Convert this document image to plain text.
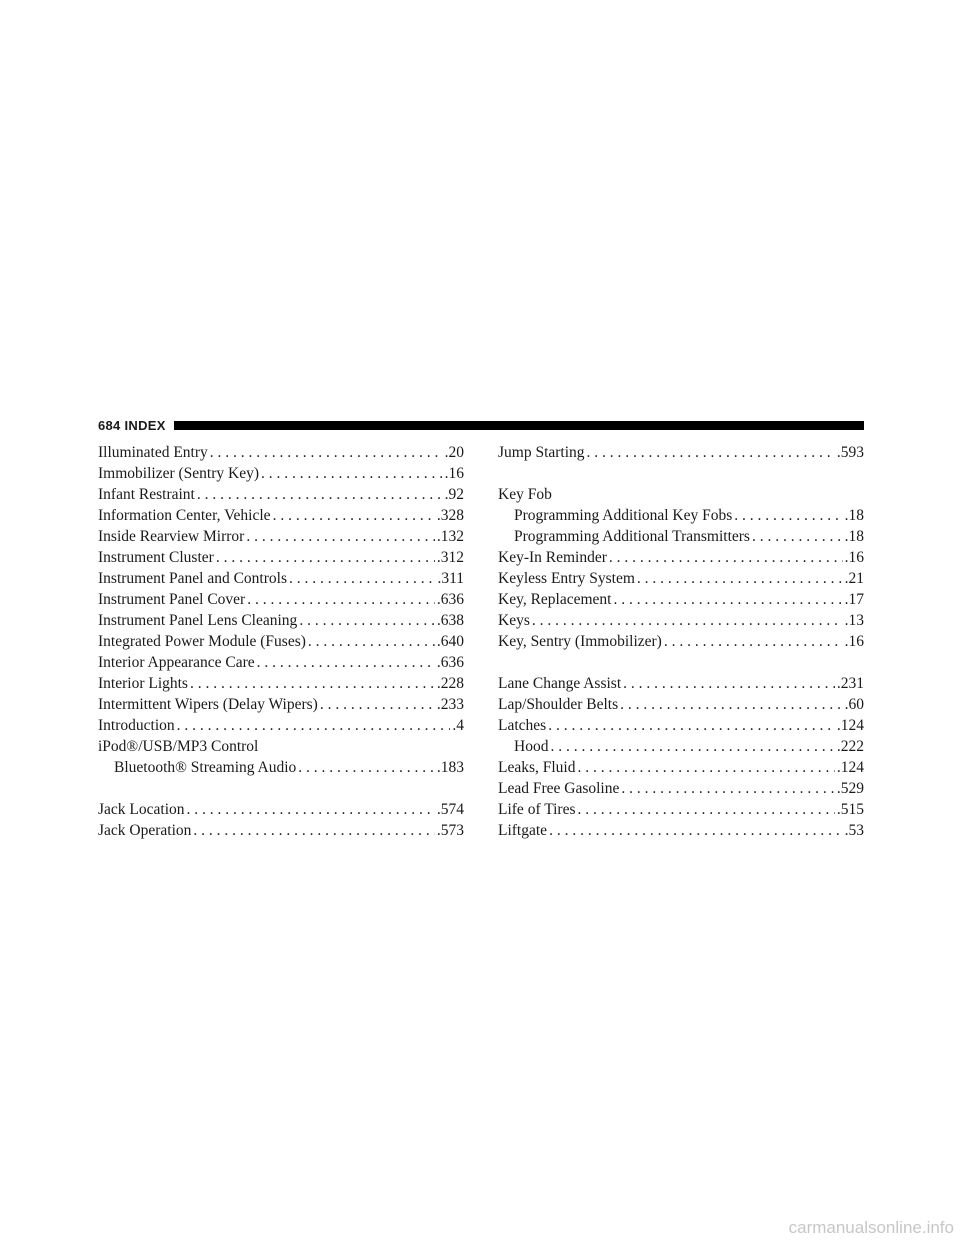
684 INDEX
Illuminated Entry . . .	.20
Immobilizer (Sentry Key) . . .	.16
Infant Restraint . . .	.92
Information Center, Vehicle . . .	.328
Inside Rearview Mirror . . .	.132
Instrument Cluster . . .	.312
Instrument Panel and Controls . . .	.311
Instrument Panel Cover . . .	.636
Instrument Panel Lens Cleaning . . .	.638
Integrated Power Module (Fuses) . . .	.640
Interior Appearance Care . . .	.636
Interior Lights . . .	.228
Intermittent Wipers (Delay Wipers) . . .	.233
Introduction . . .	.4
iPod®/USB/MP3 Control
Bluetooth® Streaming Audio . . .	.183
Jack Location . . .	.574
Jack Operation . . .	.573
Jump Starting . . .	.593
Key Fob
Programming Additional Key Fobs . . .	.18
Programming Additional Transmitters . . .	.18
Key-In Reminder . . .	.16
Keyless Entry System . . .	.21
Key, Replacement . . .	.17
Keys . . .	.13
Key, Sentry (Immobilizer) . . .	.16
Lane Change Assist . . .	.231
Lap/Shoulder Belts . . .	.60
Latches . . .	.124
Hood . . .	.222
Leaks, Fluid . . .	.124
Lead Free Gasoline . . .	.529
Life of Tires . . .	.515
Liftgate . . .	.53
carmanualsonline.info
